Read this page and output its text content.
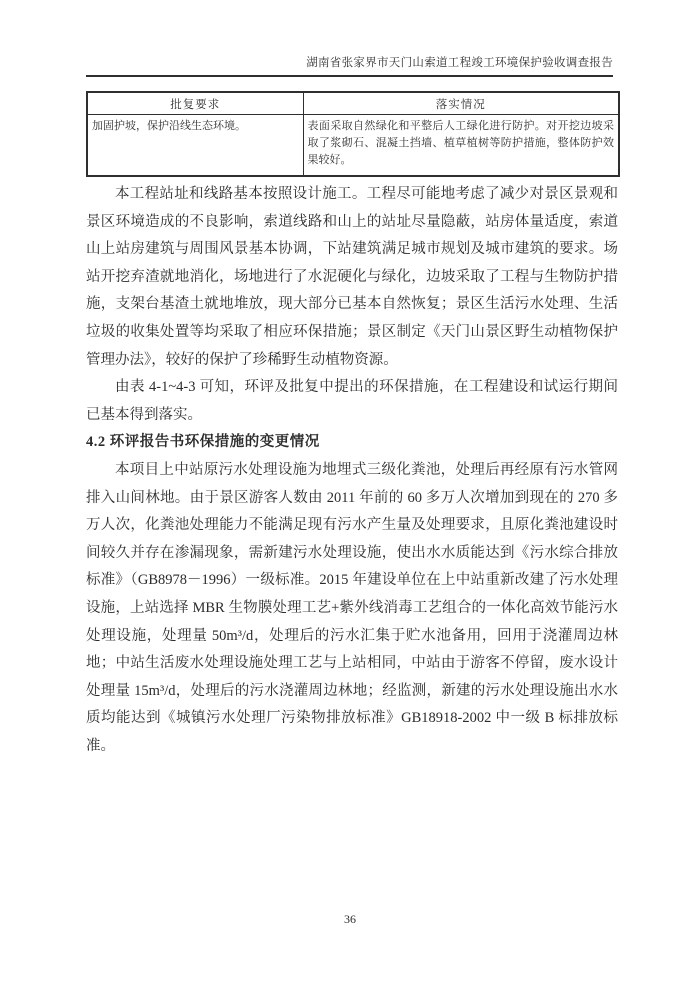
湖南省张家界市天门山索道工程竣工环境保护验收调查报告
批复要求	落实情况
加固护坡，保护沿线生态环境。	表面采取自然绿化和平整后人工绿化进行防护。对开挖边坡采取了浆砌石、混凝土挡墙、植草植树等防护措施，整体防护效果较好。

本工程站址和线路基本按照设计施工。工程尽可能地考虑了减少对景区景观和景区环境造成的不良影响，索道线路和山上的站址尽量隐蔽，站房体量适度，索道山上站房建筑与周围风景基本协调，下站建筑满足城市规划及城市建筑的要求。场站开挖弃渣就地消化，场地进行了水泥硬化与绿化，边坡采取了工程与生物防护措施，支架台基渣土就地堆放，现大部分已基本自然恢复；景区生活污水处理、生活垃圾的收集处置等均采取了相应环保措施；景区制定《天门山景区野生动植物保护管理办法》，较好的保护了珍稀野生动植物资源。

由表 4-1~4-3 可知，环评及批复中提出的环保措施，在工程建设和试运行期间已基本得到落实。

4.2 环评报告书环保措施的变更情况

本项目上中站原污水处理设施为地埋式三级化粪池，处理后再经原有污水管网排入山间林地。由于景区游客人数由 2011 年前的 60 多万人次增加到现在的 270 多万人次，化粪池处理能力不能满足现有污水产生量及处理要求，且原化粪池建设时间较久并存在渗漏现象，需新建污水处理设施，使出水水质能达到《污水综合排放标准》（GB8978－1996）一级标准。2015 年建设单位在上中站重新改建了污水处理设施，上站选择 MBR 生物膜处理工艺+紫外线消毒工艺组合的一体化高效节能污水处理设施，处理量 50m³/d，处理后的污水汇集于贮水池备用，回用于浇灌周边林地；中站生活废水处理设施处理工艺与上站相同，中站由于游客不停留，废水设计处理量 15m³/d，处理后的污水浇灌周边林地；经监测，新建的污水处理设施出水水质均能达到《城镇污水处理厂污染物排放标准》GB18918-2002 中一级 B 标排放标准。

36
